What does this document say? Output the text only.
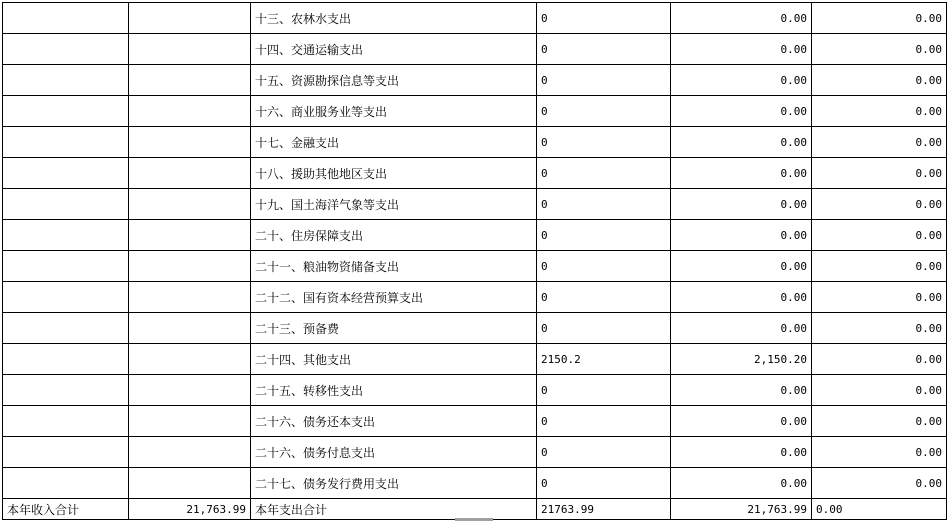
		十三、农林水支出	0	0.00	0.00
		十四、交通运输支出	0	0.00	0.00
		十五、资源勘探信息等支出	0	0.00	0.00
		十六、商业服务业等支出	0	0.00	0.00
		十七、金融支出	0	0.00	0.00
		十八、援助其他地区支出	0	0.00	0.00
		十九、国土海洋气象等支出	0	0.00	0.00
		二十、住房保障支出	0	0.00	0.00
		二十一、粮油物资储备支出	0	0.00	0.00
		二十二、国有资本经营预算支出	0	0.00	0.00
		二十三、预备费	0	0.00	0.00
		二十四、其他支出	2150.2	2,150.20	0.00
		二十五、转移性支出	0	0.00	0.00
		二十六、债务还本支出	0	0.00	0.00
		二十六、债务付息支出	0	0.00	0.00
		二十七、债务发行费用支出	0	0.00	0.00
本年收入合计	21,763.99	本年支出合计	21763.99	21,763.99	0.00
